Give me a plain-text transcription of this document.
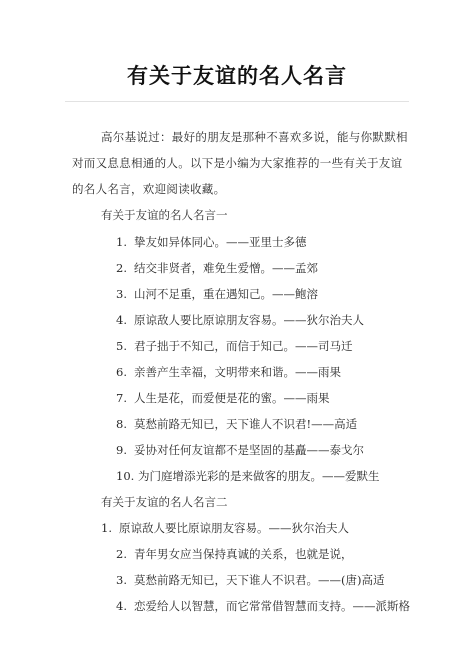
有关于友谊的名人名言

高尔基说过：最好的朋友是那种不喜欢多说，能与你默默相对而又息息相通的人。以下是小编为大家推荐的一些有关于友谊的名人名言，欢迎阅读收藏。

有关于友谊的名人名言一

1. 挚友如异体同心。——亚里士多德

2. 结交非贤者，难免生爱憎。——孟郊

3. 山河不足重，重在遇知己。——鲍溶

4. 原谅敌人要比原谅朋友容易。——狄尔治夫人

5. 君子拙于不知己，而信于知己。——司马迁

6. 亲善产生幸福，文明带来和谐。——雨果

7. 人生是花，而爱便是花的蜜。——雨果

8. 莫愁前路无知已，天下谁人不识君!——高适

9. 妥协对任何友谊都不是坚固的基矗——泰戈尔

10. 为门庭增添光彩的是来做客的朋友。——爱默生

有关于友谊的名人名言二

1. 原谅敌人要比原谅朋友容易。——狄尔治夫人

2. 青年男女应当保持真诚的关系，也就是说，

3. 莫愁前路无知已，天下谁人不识君。——(唐)高适

4. 恋爱给人以智慧，而它常常借智慧而支持。——派斯格
